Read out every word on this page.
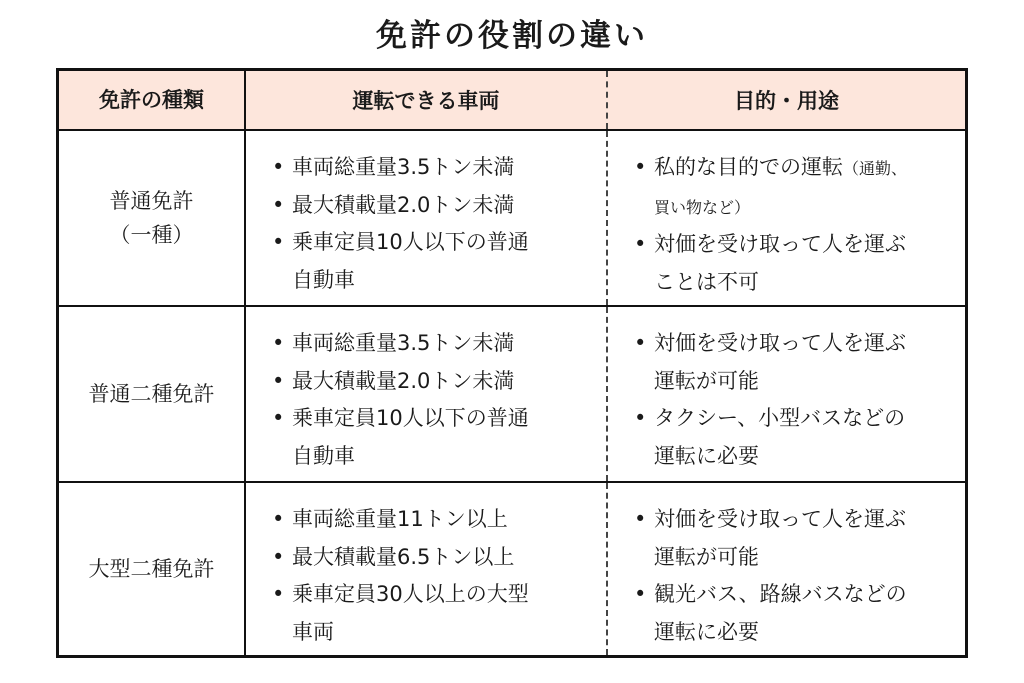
免許の役割の違い
免許の種類	運転できる車両	目的・用途
普通免許
（一種）
• 車両総重量3.5トン未満
• 最大積載量2.0トン未満
• 乗車定員10人以下の普通
自動車
• 私的な目的での運転（通勤、
買い物など）
• 対価を受け取って人を運ぶ
ことは不可
普通二種免許
• 車両総重量3.5トン未満
• 最大積載量2.0トン未満
• 乗車定員10人以下の普通
自動車
• 対価を受け取って人を運ぶ
運転が可能
• タクシー、小型バスなどの
運転に必要
大型二種免許
• 車両総重量11トン以上
• 最大積載量6.5トン以上
• 乗車定員30人以上の大型
車両
• 対価を受け取って人を運ぶ
運転が可能
• 観光バス、路線バスなどの
運転に必要
